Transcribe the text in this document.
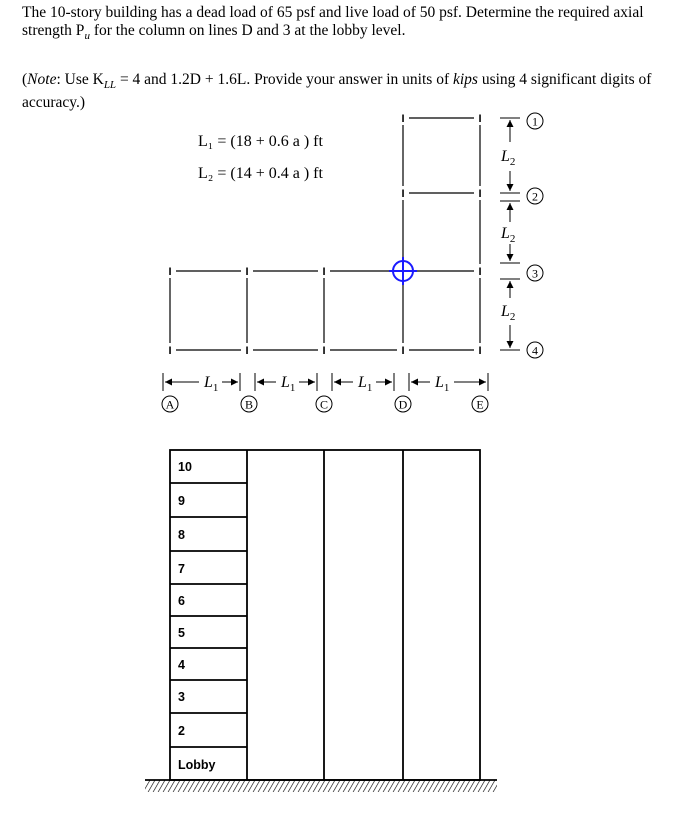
The 10-story building has a dead load of 65 psf and live load of 50 psf. Determine the required axial strength $P_u$ for the column on lines D and 3 at the lobby level.
(Note: Use $K_{LL} = 4$ and 1.2D + 1.6L. Provide your answer in units of kips using 4 significant digits of accuracy.)
L₁ = (18 + 0.6 a ) ft
L₂ = (14 + 0.4 a ) ft
I
I
I
I
I
I
I
I
I
I
I
I
I
$L_1$	$L_1$	$L_1$	$L_1$
$L_2$
$L_2$
$L_2$
A	B	C	D	E
1
2
3
4
10
9
8
7
6
5
4
3
2
Lobby
